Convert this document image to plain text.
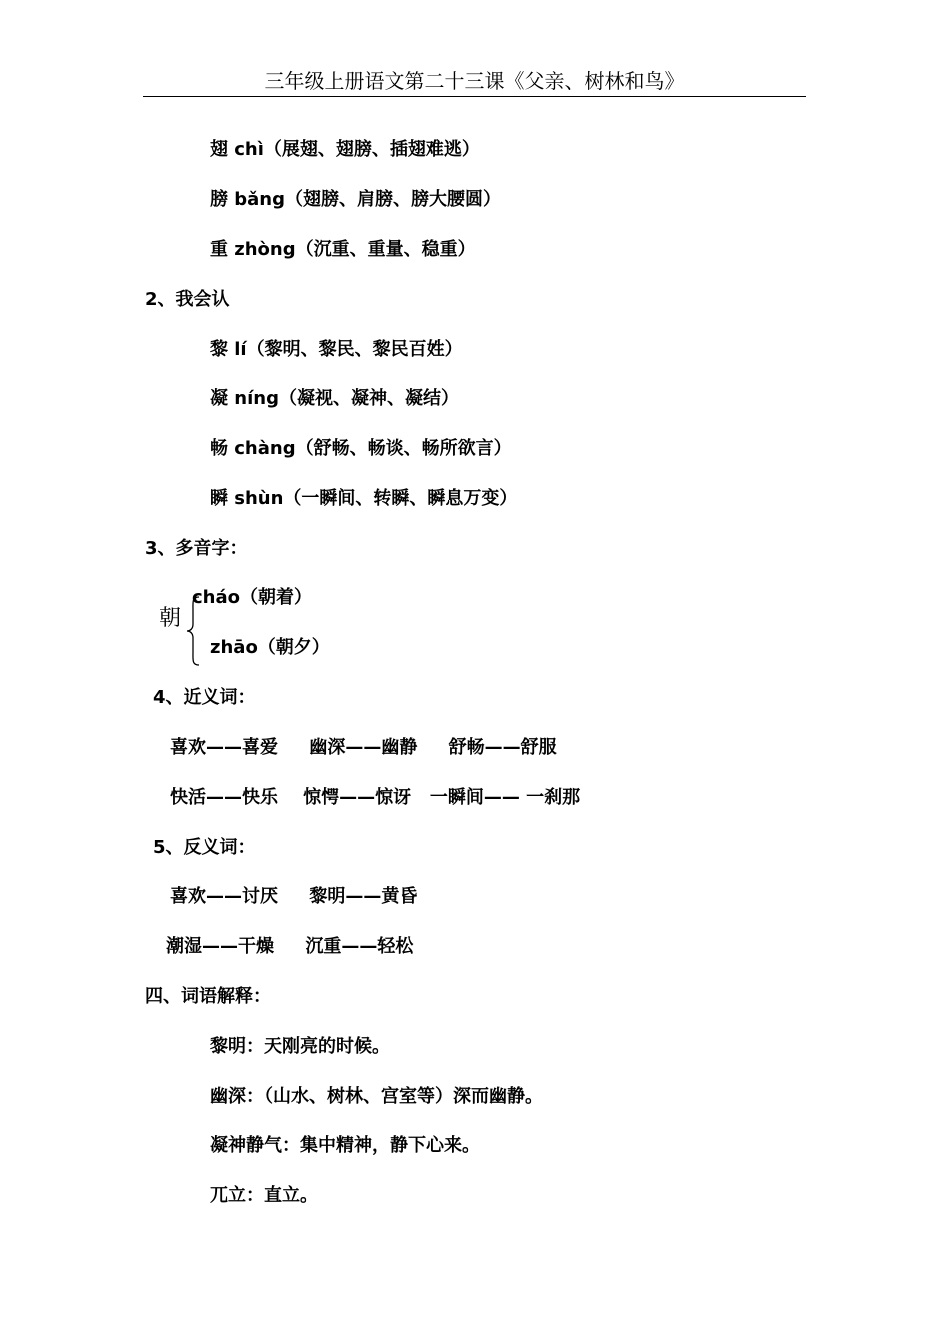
三年级上册语文第二十三课《父亲、树林和鸟》
翅 chì（展翅、翅膀、插翅难逃）
膀 bǎng（翅膀、肩膀、膀大腰圆）
重 zhòng（沉重、重量、稳重）
2、我会认
黎 lí（黎明、黎民、黎民百姓）
凝 níng（凝视、凝神、凝结）
畅 chàng（舒畅、畅谈、畅所欲言）
瞬 shùn（一瞬间、转瞬、瞬息万变）
3、多音字：
朝
cháo（朝着）
zhāo（朝夕）
4、近义词：
喜欢——喜爱     幽深——幽静     舒畅——舒服
快活——快乐    惊愕——惊讶   一瞬间—— 一刹那
5、反义词：
喜欢——讨厌     黎明——黄昏
潮湿——干燥     沉重——轻松
四、词语解释：
黎明：天刚亮的时候。
幽深：（山水、树林、宫室等）深而幽静。
凝神静气：集中精神，静下心来。
兀立：直立。
